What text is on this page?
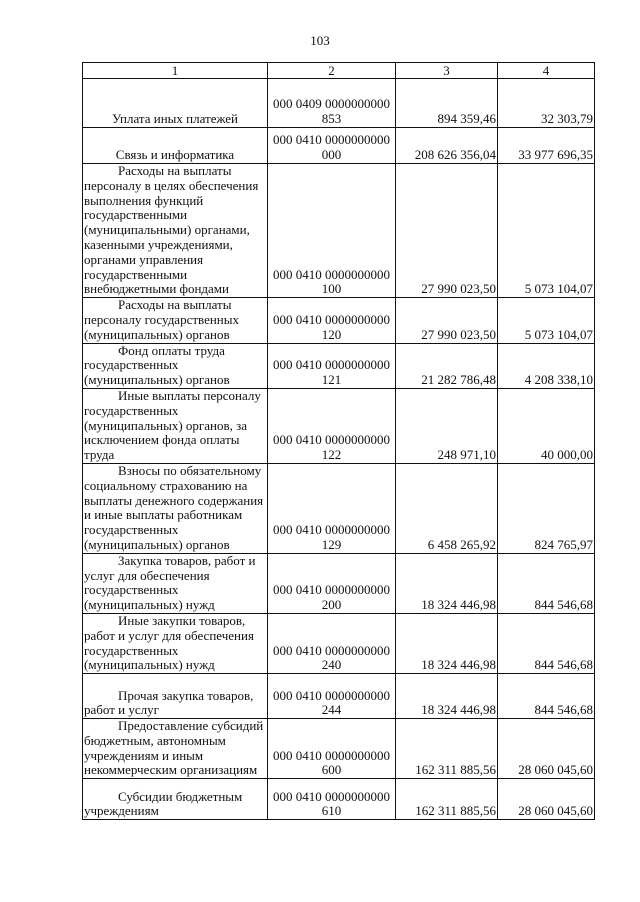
103
1	2	3	4
Уплата иных платежей	000 0409 0000000000 853	894 359,46	32 303,79
Связь и информатика	000 0410 0000000000 000	208 626 356,04	33 977 696,35
Расходы на выплаты персоналу в целях обеспечения выполнения функций государственными (муниципальными) органами, казенными учреждениями, органами управления государственными внебюджетными фондами	000 0410 0000000000 100	27 990 023,50	5 073 104,07
Расходы на выплаты персоналу государственных (муниципальных) органов	000 0410 0000000000 120	27 990 023,50	5 073 104,07
Фонд оплаты труда государственных (муниципальных) органов	000 0410 0000000000 121	21 282 786,48	4 208 338,10
Иные выплаты персоналу государственных (муниципальных) органов, за исключением фонда оплаты труда	000 0410 0000000000 122	248 971,10	40 000,00
Взносы по обязательному социальному страхованию на выплаты денежного содержания и иные выплаты работникам государственных (муниципальных) органов	000 0410 0000000000 129	6 458 265,92	824 765,97
Закупка товаров, работ и услуг для обеспечения государственных (муниципальных) нужд	000 0410 0000000000 200	18 324 446,98	844 546,68
Иные закупки товаров, работ и услуг для обеспечения государственных (муниципальных) нужд	000 0410 0000000000 240	18 324 446,98	844 546,68
Прочая закупка товаров, работ и услуг	000 0410 0000000000 244	18 324 446,98	844 546,68
Предоставление субсидий бюджетным, автономным учреждениям и иным некоммерческим организациям	000 0410 0000000000 600	162 311 885,56	28 060 045,60
Субсидии бюджетным учреждениям	000 0410 0000000000 610	162 311 885,56	28 060 045,60
